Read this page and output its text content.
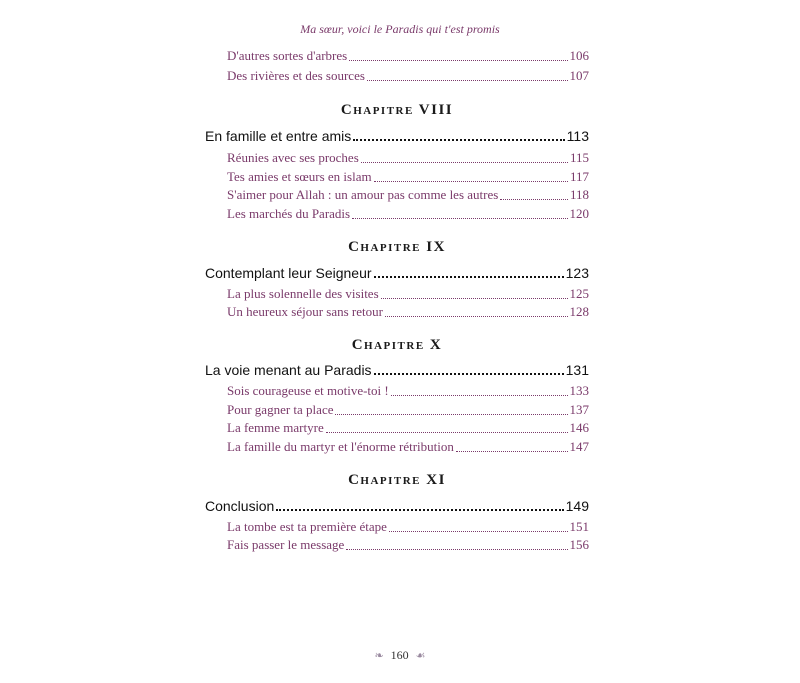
Ma sœur, voici le Paradis qui t'est promis
D'autres sortes d'arbres	106
Des rivières et des sources	107
Chapitre VIII
En famille et entre amis	113
Réunies avec ses proches	115
Tes amies et sœurs en islam	117
S'aimer pour Allah : un amour pas comme les autres	118
Les marchés du Paradis	120
Chapitre IX
Contemplant leur Seigneur	123
La plus solennelle des visites	125
Un heureux séjour sans retour	128
Chapitre X
La voie menant au Paradis	131
Sois courageuse et motive-toi !	133
Pour gagner ta place	137
La femme martyre	146
La famille du martyr et l'énorme rétribution	147
Chapitre XI
Conclusion	149
La tombe est ta première étape	151
Fais passer le message	156
❧ 160 ☙
